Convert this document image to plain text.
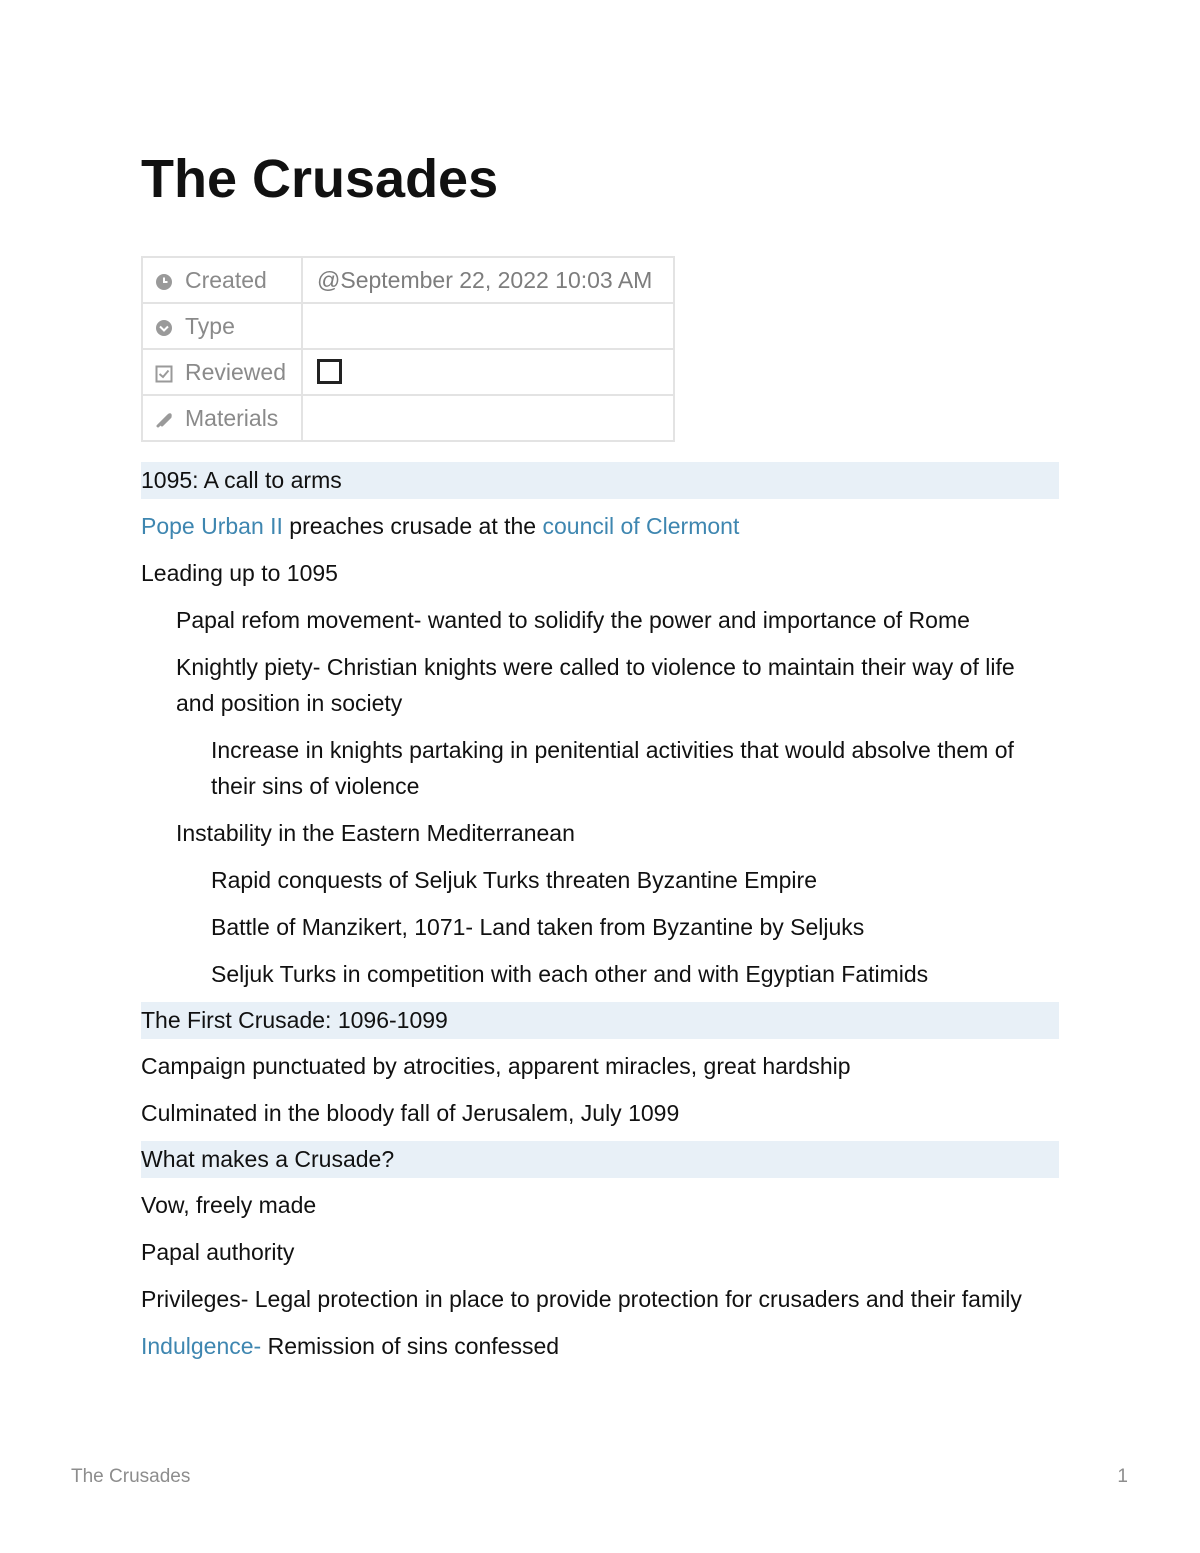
The Crusades
Created	@September 22, 2022 10:03 AM
Type	
Reviewed	
Materials	

1095: A call to arms

Pope Urban II preaches crusade at the council of Clermont

Leading up to 1095

Papal refom movement- wanted to solidify the power and importance of Rome

Knightly piety- Christian knights were called to violence to maintain their way of life and position in society

Increase in knights partaking in penitential activities that would absolve them of their sins of violence

Instability in the Eastern Mediterranean

Rapid conquests of Seljuk Turks threaten Byzantine Empire

Battle of Manzikert, 1071- Land taken from Byzantine by Seljuks

Seljuk Turks in competition with each other and with Egyptian Fatimids

The First Crusade: 1096-1099

Campaign punctuated by atrocities, apparent miracles, great hardship

Culminated in the bloody fall of Jerusalem, July 1099

What makes a Crusade?

Vow, freely made

Papal authority

Privileges- Legal protection in place to provide protection for crusaders and their family

Indulgence- Remission of sins confessed

The Crusades	1
